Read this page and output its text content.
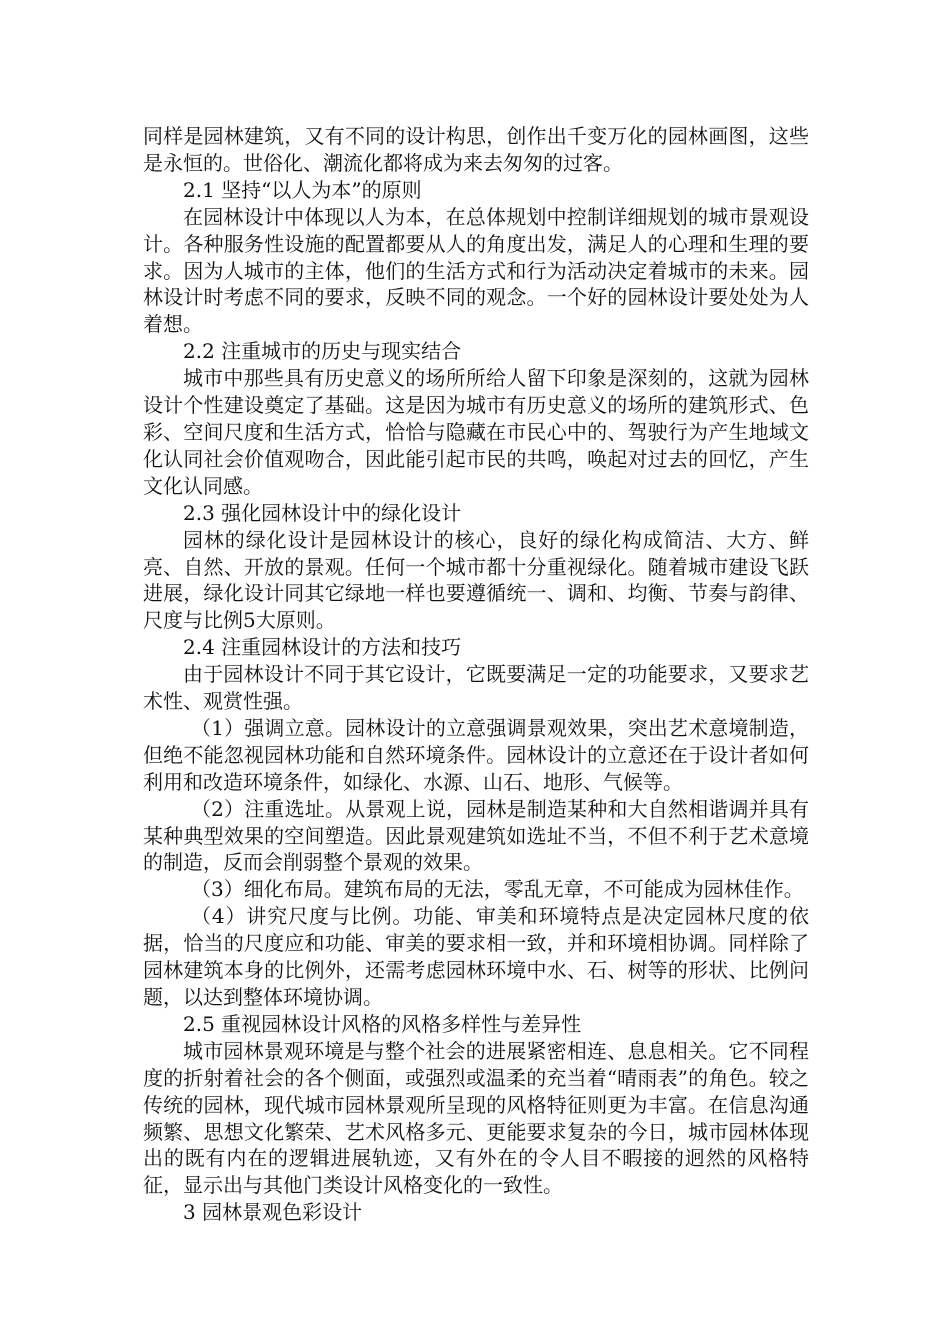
同样是园林建筑，又有不同的设计构思，创作出千变万化的园林画图，这些是永恒的。世俗化、潮流化都将成为来去匆匆的过客。

2.1 坚持“以人为本”的原则

在园林设计中体现以人为本，在总体规划中控制详细规划的城市景观设计。各种服务性设施的配置都要从人的角度出发，满足人的心理和生理的要求。因为人城市的主体，他们的生活方式和行为活动决定着城市的未来。园林设计时考虑不同的要求，反映不同的观念。一个好的园林设计要处处为人着想。

2.2 注重城市的历史与现实结合

城市中那些具有历史意义的场所所给人留下印象是深刻的，这就为园林设计个性建设奠定了基础。这是因为城市有历史意义的场所的建筑形式、色彩、空间尺度和生活方式，恰恰与隐藏在市民心中的、驾驶行为产生地域文化认同社会价值观吻合，因此能引起市民的共鸣，唤起对过去的回忆，产生文化认同感。

2.3 强化园林设计中的绿化设计

园林的绿化设计是园林设计的核心，良好的绿化构成简洁、大方、鲜亮、自然、开放的景观。任何一个城市都十分重视绿化。随着城市建设飞跃进展，绿化设计同其它绿地一样也要遵循统一、调和、均衡、节奏与韵律、尺度与比例5大原则。

2.4 注重园林设计的方法和技巧

由于园林设计不同于其它设计，它既要满足一定的功能要求，又要求艺术性、观赏性强。

（1）强调立意。园林设计的立意强调景观效果，突出艺术意境制造，但绝不能忽视园林功能和自然环境条件。园林设计的立意还在于设计者如何利用和改造环境条件，如绿化、水源、山石、地形、气候等。

（2）注重选址。从景观上说，园林是制造某种和大自然相谐调并具有某种典型效果的空间塑造。因此景观建筑如选址不当，不但不利于艺术意境的制造，反而会削弱整个景观的效果。

（3）细化布局。建筑布局的无法，零乱无章，不可能成为园林佳作。

（4）讲究尺度与比例。功能、审美和环境特点是决定园林尺度的依据，恰当的尺度应和功能、审美的要求相一致，并和环境相协调。同样除了园林建筑本身的比例外，还需考虑园林环境中水、石、树等的形状、比例问题，以达到整体环境协调。

2.5 重视园林设计风格的风格多样性与差异性

城市园林景观环境是与整个社会的进展紧密相连、息息相关。它不同程度的折射着社会的各个侧面，或强烈或温柔的充当着“晴雨表”的角色。较之传统的园林，现代城市园林景观所呈现的风格特征则更为丰富。在信息沟通频繁、思想文化繁荣、艺术风格多元、更能要求复杂的今日，城市园林体现出的既有内在的逻辑进展轨迹，又有外在的令人目不暇接的迥然的风格特征，显示出与其他门类设计风格变化的一致性。

3 园林景观色彩设计
